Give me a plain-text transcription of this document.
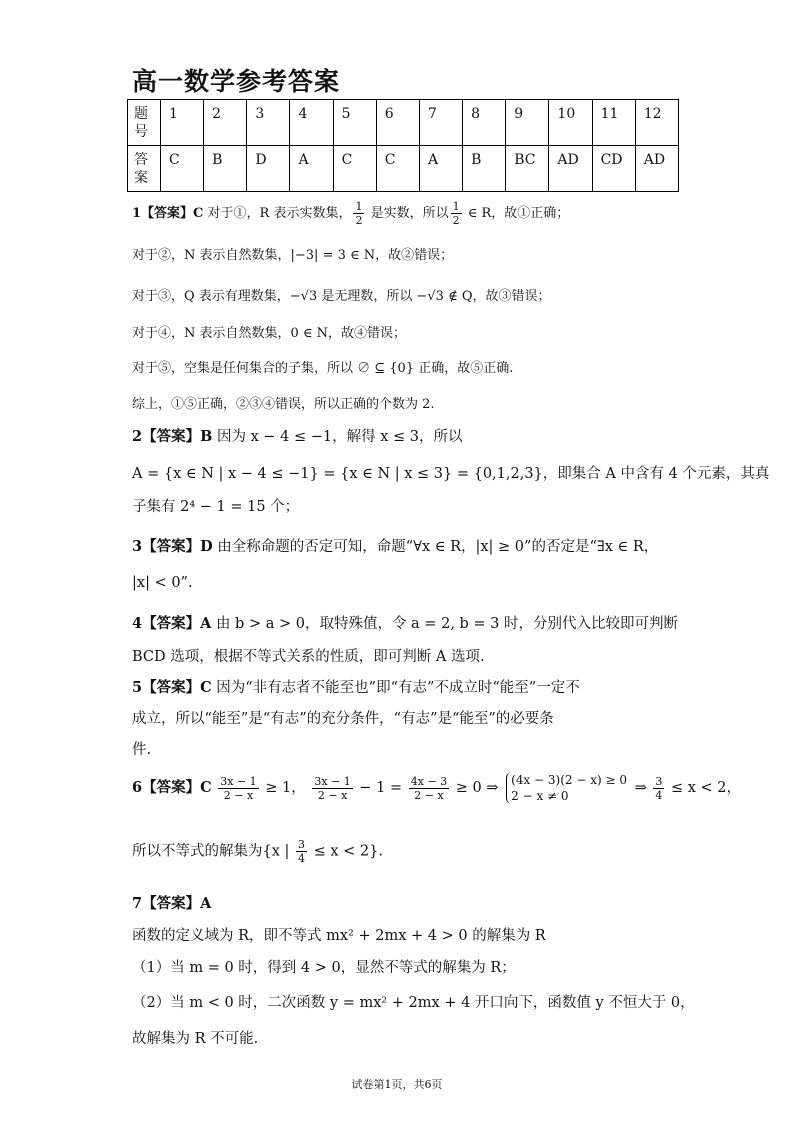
高一数学参考答案
题号	1	2	3	4	5	6	7	8	9	10	11	12
答案	C	B	D	A	C	C	A	B	BC	AD	CD	AD
1【答案】C 对于①，R 表示实数集， $\frac{1}{2}$ 是实数，所以 $\frac{1}{2}$ ∈ R，故①正确；
对于②，N 表示自然数集，|−3| = 3 ∈ N，故②错误；
对于③，Q 表示有理数集，−√3 是无理数，所以 −√3 ∉ Q，故③错误；
对于④，N 表示自然数集，0 ∈ N，故④错误；
对于⑤，空集是任何集合的子集，所以 ∅ ⊆ {0} 正确，故⑤正确.
综上，①⑤正确，②③④错误，所以正确的个数为 2.
2【答案】B 因为 x − 4 ≤ −1，解得 x ≤ 3，所以
A = {x ∈ N | x − 4 ≤ −1} = {x ∈ N | x ≤ 3} = {0,1,2,3}，即集合 A 中含有 4 个元素，其真
子集有 2⁴ − 1 = 15 个；
3【答案】D 由全称命题的否定可知，命题“∀x ∈ R，|x| ≥ 0”的否定是“∃x ∈ R，
|x| < 0”.
4【答案】A 由 b > a > 0，取特殊值，令 a = 2, b = 3 时，分别代入比较即可判断
BCD 选项，根据不等式关系的性质，即可判断 A 选项.
5【答案】C 因为“非有志者不能至也”即“有志”不成立时“能至”一定不
成立，所以“能至”是“有志”的充分条件，“有志”是“能至”的必要条
件.
6【答案】C $\frac{3x - 1}{2 - x} \ge 1$， $\frac{3x - 1}{2 - x} - 1 = \frac{4x - 3}{2 - x} \ge 0$ ⇒ (4x − 3)(2 − x) ≥ 0
2 − x ≠ 0	⇒ $\frac{3}{4} \le x < 2$，
所以不等式的解集为{x | $\frac{3}{4} \le x < 2$}.
7【答案】A
函数的定义域为 R，即不等式 mx² + 2mx + 4 > 0 的解集为 R
（1）当 m = 0 时，得到 4 > 0，显然不等式的解集为 R；
（2）当 m < 0 时，二次函数 y = mx² + 2mx + 4 开口向下，函数值 y 不恒大于 0，
故解集为 R 不可能.
试卷第1页，共6页
